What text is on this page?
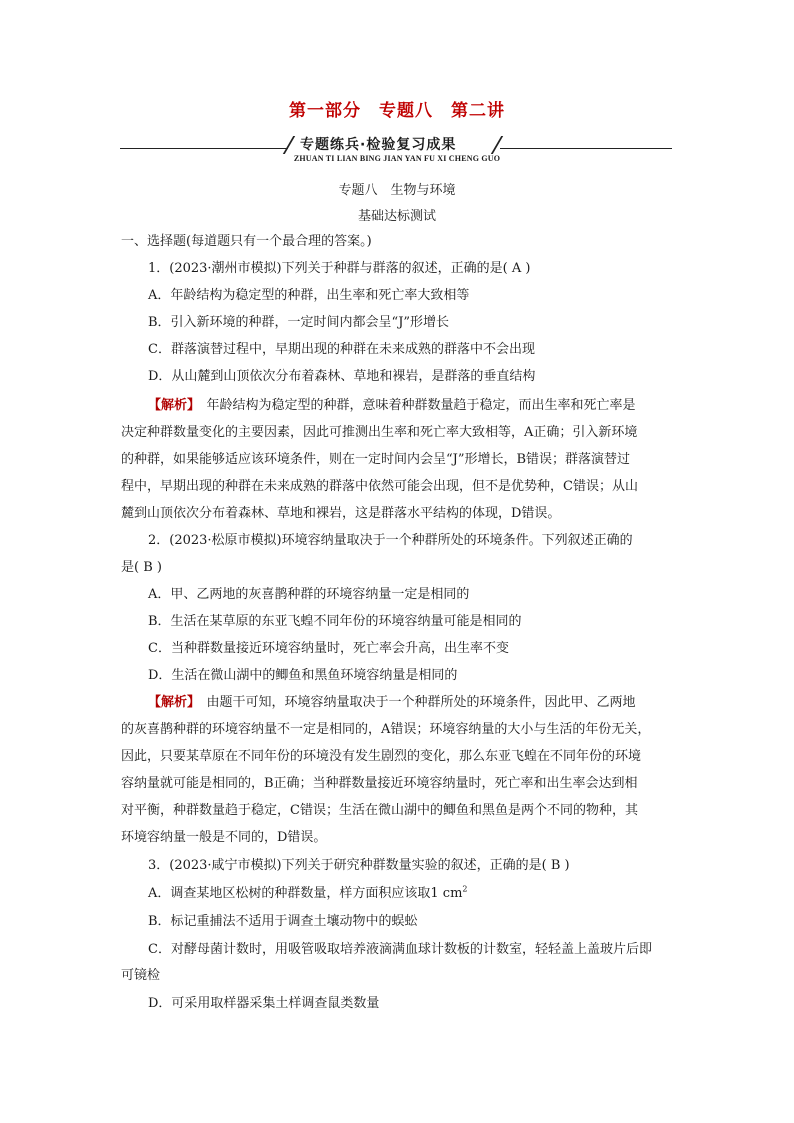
第一部分　专题八　第二讲
专题练兵·检验复习成果
ZHUAN TI LIAN BING JIAN YAN FU XI CHENG GUO
专题八　生物与环境
基础达标测试
一、选择题(每道题只有一个最合理的答案。)
1．(2023·潮州市模拟)下列关于种群与群落的叙述，正确的是( A )
A．年龄结构为稳定型的种群，出生率和死亡率大致相等
B．引入新环境的种群，一定时间内都会呈“J”形增长
C．群落演替过程中，早期出现的种群在未来成熟的群落中不会出现
D．从山麓到山顶依次分布着森林、草地和裸岩，是群落的垂直结构
【解析】　年龄结构为稳定型的种群，意味着种群数量趋于稳定，而出生率和死亡率是
决定种群数量变化的主要因素，因此可推测出生率和死亡率大致相等，A正确；引入新环境
的种群，如果能够适应该环境条件，则在一定时间内会呈“J”形增长，B错误；群落演替过
程中，早期出现的种群在未来成熟的群落中依然可能会出现，但不是优势种，C错误；从山
麓到山顶依次分布着森林、草地和裸岩，这是群落水平结构的体现，D错误。
2．(2023·松原市模拟)环境容纳量取决于一个种群所处的环境条件。下列叙述正确的
是( B )
A．甲、乙两地的灰喜鹊种群的环境容纳量一定是相同的
B．生活在某草原的东亚飞蝗不同年份的环境容纳量可能是相同的
C．当种群数量接近环境容纳量时，死亡率会升高，出生率不变
D．生活在微山湖中的鲫鱼和黑鱼环境容纳量是相同的
【解析】　由题干可知，环境容纳量取决于一个种群所处的环境条件，因此甲、乙两地
的灰喜鹊种群的环境容纳量不一定是相同的，A错误；环境容纳量的大小与生活的年份无关，
因此，只要某草原在不同年份的环境没有发生剧烈的变化，那么东亚飞蝗在不同年份的环境
容纳量就可能是相同的，B正确；当种群数量接近环境容纳量时，死亡率和出生率会达到相
对平衡，种群数量趋于稳定，C错误；生活在微山湖中的鲫鱼和黑鱼是两个不同的物种，其
环境容纳量一般是不同的，D错误。
3．(2023·咸宁市模拟)下列关于研究种群数量实验的叙述，正确的是( B )
A．调查某地区松树的种群数量，样方面积应该取1 $cm^2$
B．标记重捕法不适用于调查土壤动物中的蜈蚣
C．对酵母菌计数时，用吸管吸取培养液滴满血球计数板的计数室，轻轻盖上盖玻片后即
可镜检
D．可采用取样器采集土样调查鼠类数量
